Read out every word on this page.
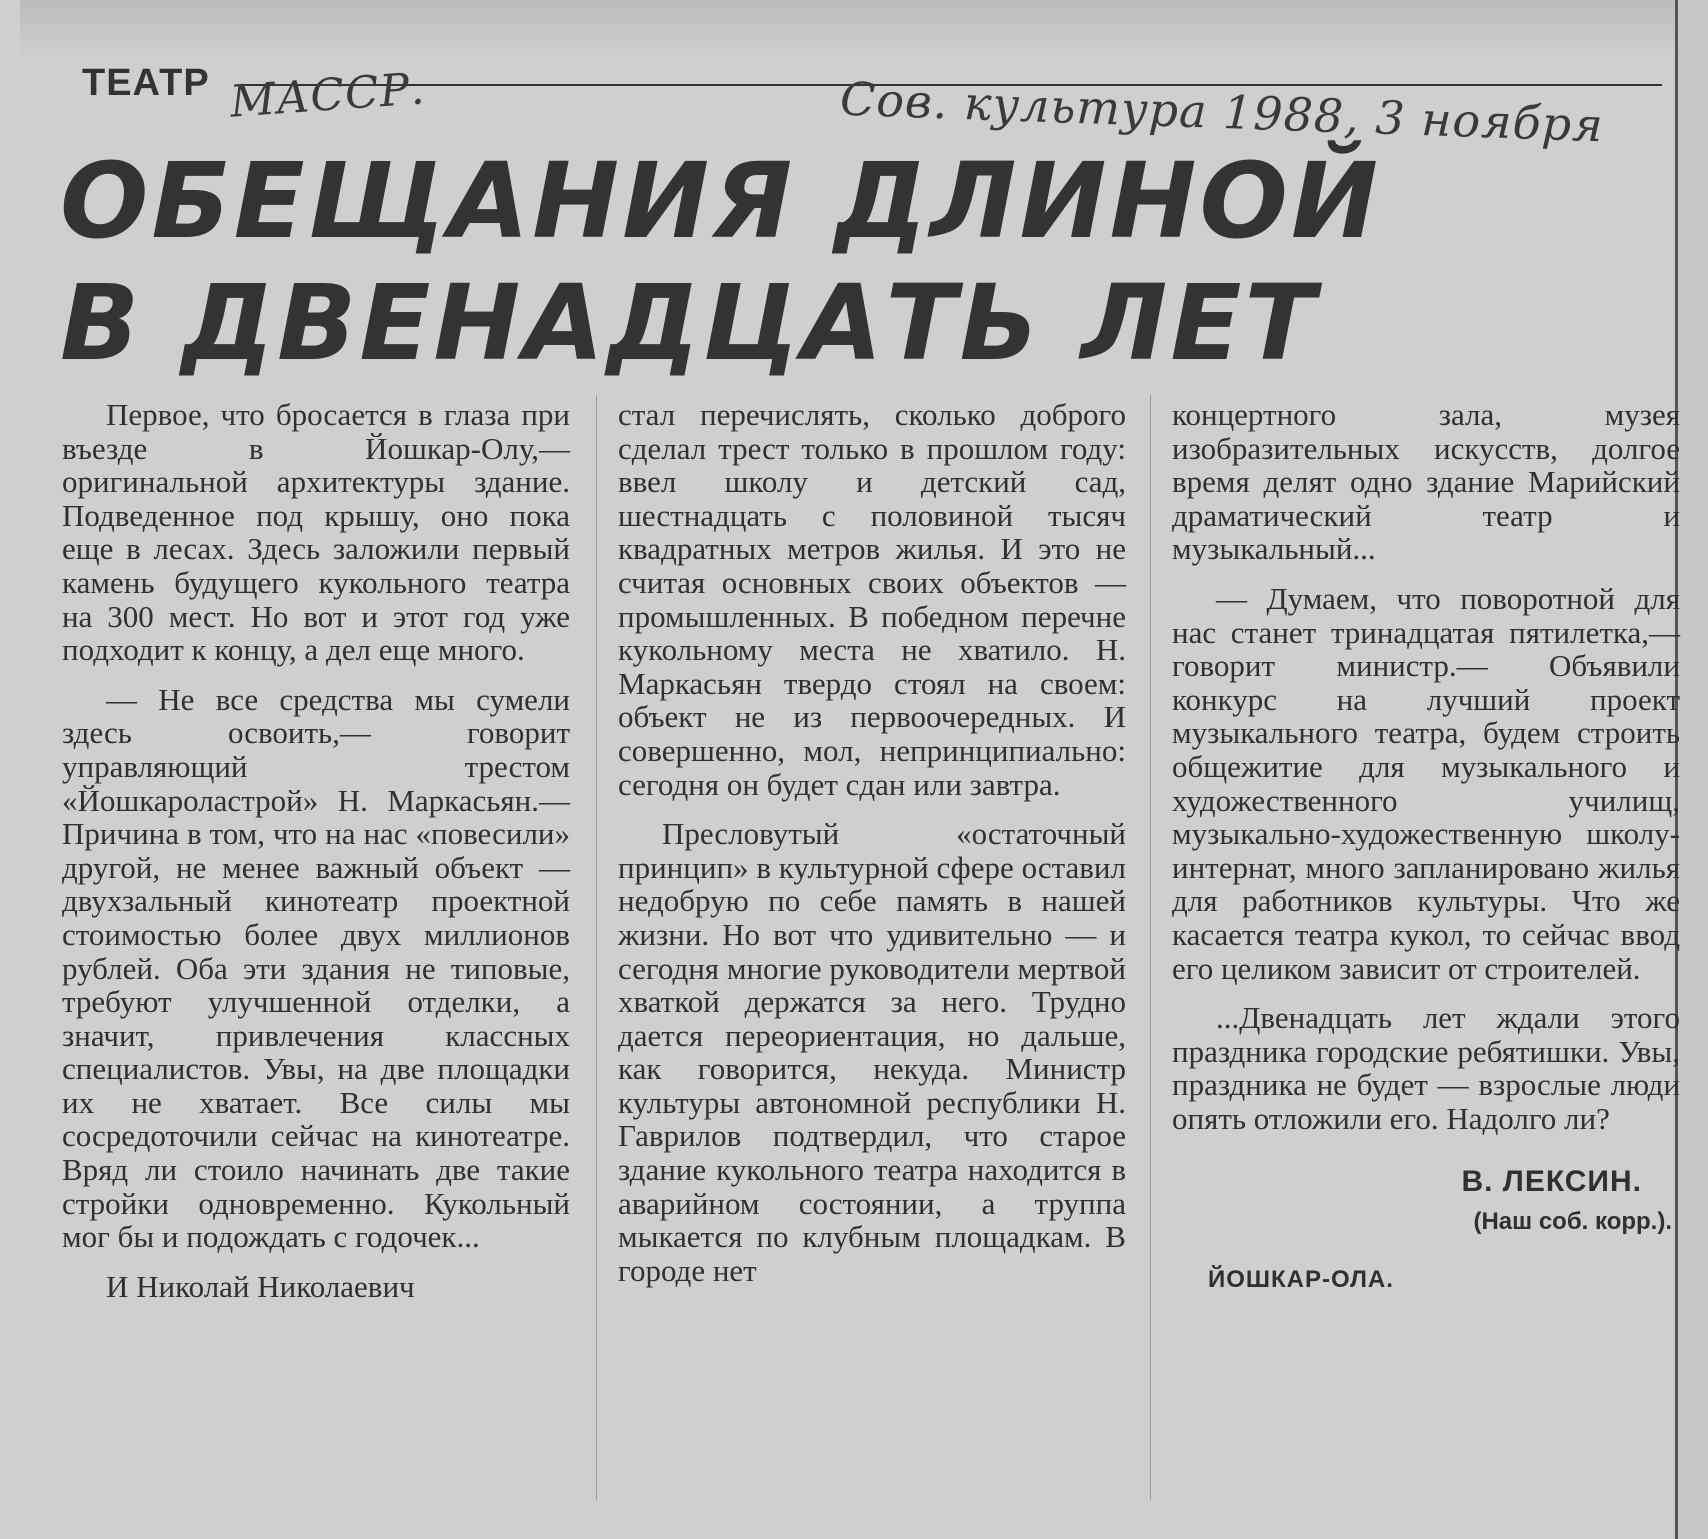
ТЕАТР МАССР.	Сов. культура 1988, 3 ноября
ОБЕЩАНИЯ ДЛИНОЙ
В ДВЕНАДЦАТЬ ЛЕТ

Первое, что бросается в глаза при въезде в Йошкар-Олу,— оригинальной архитектуры здание. Подведенное под крышу, оно пока еще в лесах. Здесь заложили первый камень будущего кукольного театра на 300 мест. Но вот и этот год уже подходит к концу, а дел еще много.

— Не все средства мы сумели здесь освоить,— говорит управляющий трестом «Йошкароластрой» Н. Маркасьян.— Причина в том, что на нас «повесили» другой, не менее важный объект — двухзальный кинотеатр проектной стоимостью более двух миллионов рублей. Оба эти здания не типовые, требуют улучшенной отделки, а значит, привлечения классных специалистов. Увы, на две площадки их не хватает. Все силы мы сосредоточили сейчас на кинотеатре. Вряд ли стоило начинать две такие стройки одновременно. Кукольный мог бы и подождать с годочек...

И Николай Николаевич

стал перечислять, сколько доброго сделал трест только в прошлом году: ввел школу и детский сад, шестнадцать с половиной тысяч квадратных метров жилья. И это не считая основных своих объектов — промышленных. В победном перечне кукольному места не хватило. Н. Маркасьян твердо стоял на своем: объект не из первоочередных. И совершенно, мол, непринципиально: сегодня он будет сдан или завтра.

Пресловутый «остаточный принцип» в культурной сфере оставил недобрую по себе память в нашей жизни. Но вот что удивительно — и сегодня многие руководители мертвой хваткой держатся за него. Трудно дается переориентация, но дальше, как говорится, некуда. Министр культуры автономной республики Н. Гаврилов подтвердил, что старое здание кукольного театра находится в аварийном состоянии, а труппа мыкается по клубным площадкам. В городе нет

концертного зала, музея изобразительных искусств, долгое время делят одно здание Марийский драматический театр и музыкальный...

— Думаем, что поворотной для нас станет тринадцатая пятилетка,— говорит министр.— Объявили конкурс на лучший проект музыкального театра, будем строить общежитие для музыкального и художественного училищ, музыкально-художественную школу-интернат, много запланировано жилья для работников культуры. Что же касается театра кукол, то сейчас ввод его целиком зависит от строителей.

...Двенадцать лет ждали этого праздника городские ребятишки. Увы, праздника не будет — взрослые люди опять отложили его. Надолго ли?

В. ЛЕКСИН.
(Наш соб. корр.).
ЙОШКАР-ОЛА.
